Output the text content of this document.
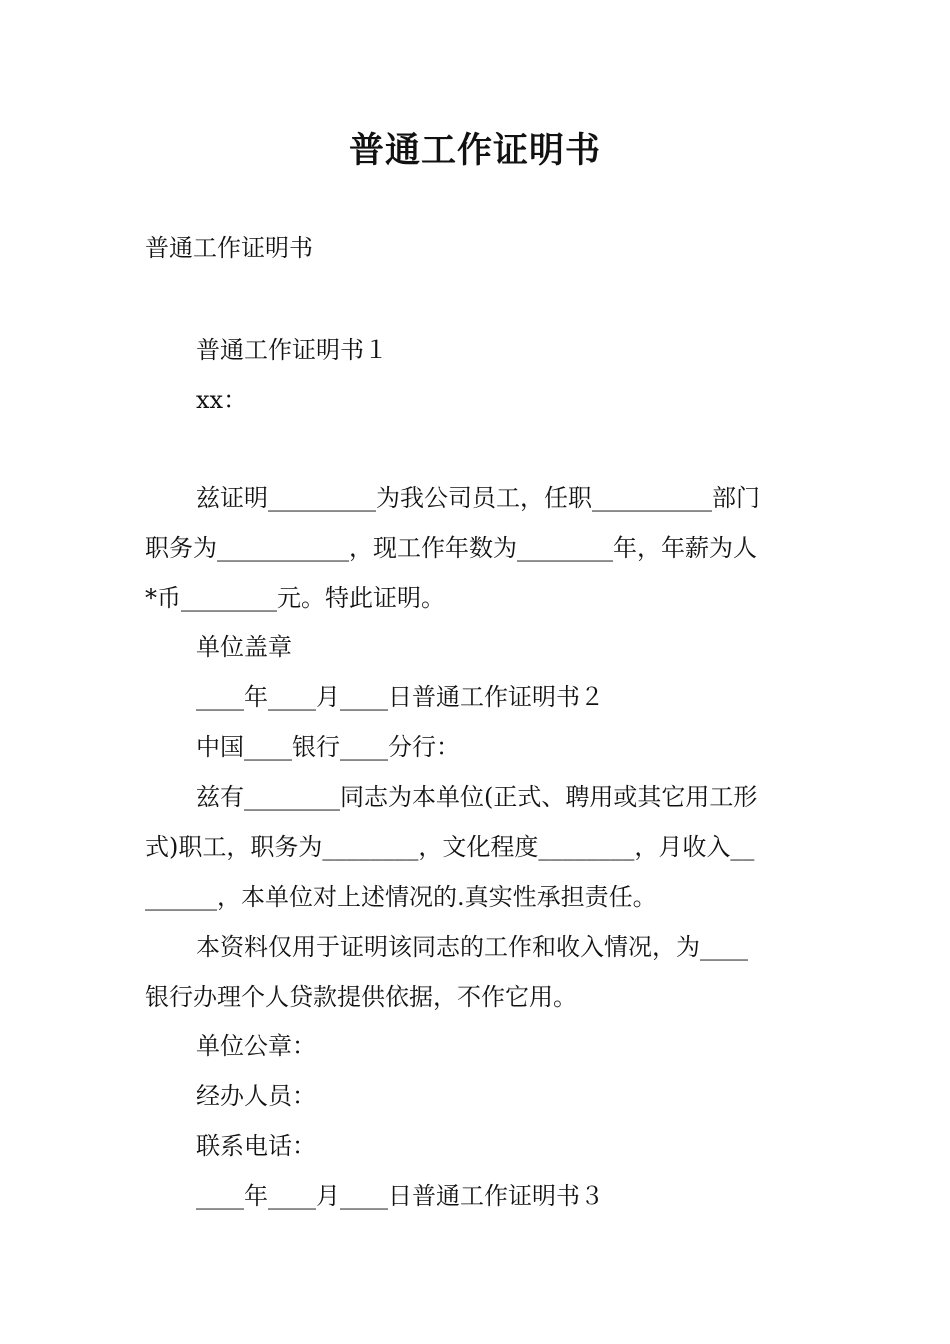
普通工作证明书
普通工作证明书
普通工作证明书１
xx：
兹证明_________为我公司员工，任职__________部门
职务为___________，现工作年数为________年，年薪为人
*币________元。特此证明。
单位盖章
____年____月____日普通工作证明书２
中国____银行____分行：
兹有________同志为本单位(正式、聘用或其它用工形
式)职工，职务为________，文化程度________，月收入__
______，本单位对上述情况的.真实性承担责任。
本资料仅用于证明该同志的工作和收入情况，为____
银行办理个人贷款提供依据，不作它用。
单位公章：
经办人员：
联系电话：
____年____月____日普通工作证明书３
